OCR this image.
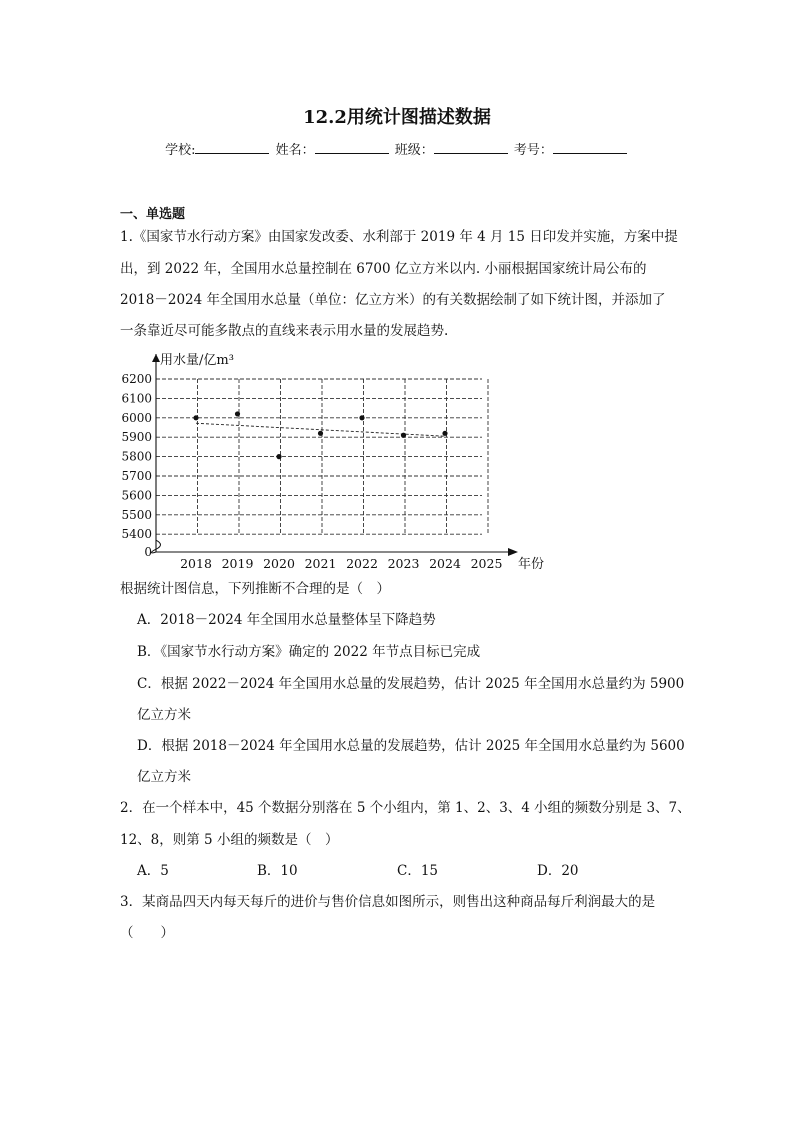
12.2用统计图描述数据
学校:	姓名：	班级：	考号：
一、单选题
1.《国家节水行动方案》由国家发改委、水利部于 2019 年 4 月 15 日印发并实施，方案中提
出，到 2022 年，全国用水总量控制在 6700 亿立方米以内. 小丽根据国家统计局公布的
2018－2024 年全国用水总量（单位：亿立方米）的有关数据绘制了如下统计图，并添加了
一条靠近尽可能多散点的直线来表示用水量的发展趋势.
6200
6100
6000
5900
5800
5700
5600
5500
5400
0
2018 2019 2020 2021 2022 2023 2024 2025
用水量/亿m³
年份
根据统计图信息，下列推断不合理的是（　）
A．2018－2024 年全国用水总量整体呈下降趋势
B．《国家节水行动方案》确定的 2022 年节点目标已完成
C．根据 2022－2024 年全国用水总量的发展趋势，估计 2025 年全国用水总量约为 5900
亿立方米
D．根据 2018－2024 年全国用水总量的发展趋势，估计 2025 年全国用水总量约为 5600
亿立方米
2．在一个样本中，45 个数据分别落在 5 个小组内，第 1、2、3、4 小组的频数分别是 3、7、
12、8，则第 5 小组的频数是（　）
A．5	B．10	C．15	D．20
3．某商品四天内每天每斤的进价与售价信息如图所示，则售出这种商品每斤利润最大的是
（　　）
